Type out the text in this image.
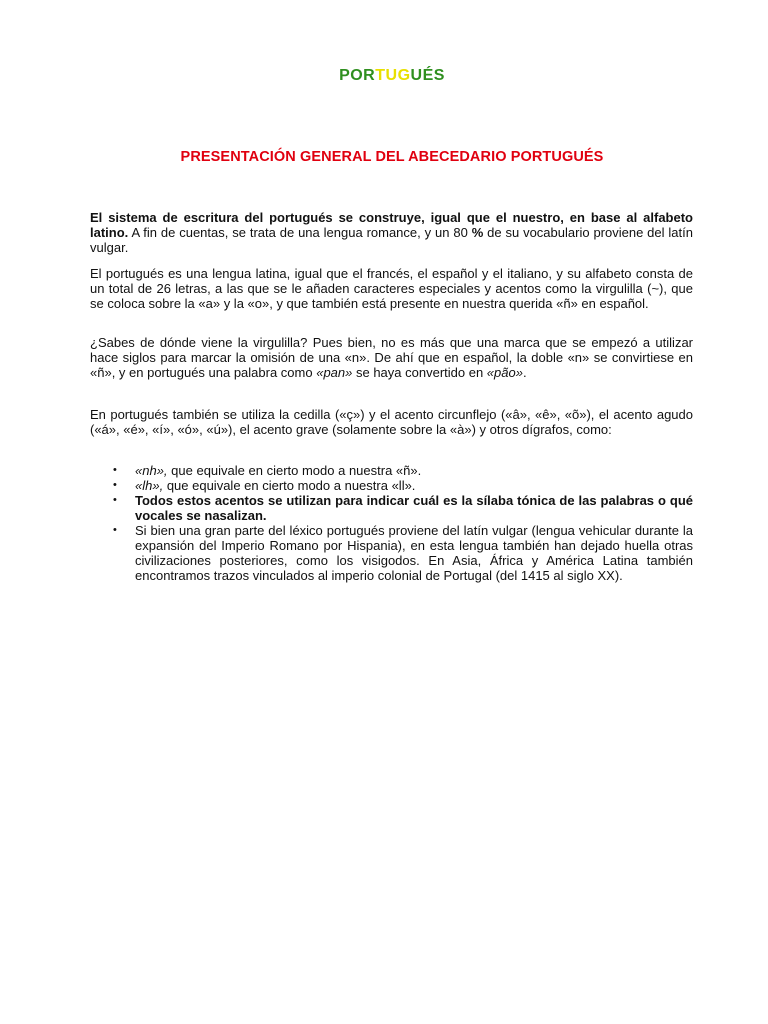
PORTUGUÉS
PRESENTACIÓN GENERAL DEL ABECEDARIO PORTUGUÉS

El sistema de escritura del portugués se construye, igual que el nuestro, en base al alfabeto latino. A fin de cuentas, se trata de una lengua romance, y un 80 % de su vocabulario proviene del latín vulgar.

El portugués es una lengua latina, igual que el francés, el español y el italiano, y su alfabeto consta de un total de 26 letras, a las que se le añaden caracteres especiales y acentos como la virgulilla (~), que se coloca sobre la «a» y la «o», y que también está presente en nuestra querida «ñ» en español.

¿Sabes de dónde viene la virgulilla? Pues bien, no es más que una marca que se empezó a utilizar hace siglos para marcar la omisión de una «n». De ahí que en español, la doble «n» se convirtiese en «ñ», y en portugués una palabra como «pan» se haya convertido en «pão».

En portugués también se utiliza la cedilla («ç») y el acento circunflejo («â», «ê», «õ»), el acento agudo («á», «é», «í», «ó», «ú»), el acento grave (solamente sobre la «à») y otros dígrafos, como:

• «nh», que equivale en cierto modo a nuestra «ñ».
• «lh», que equivale en cierto modo a nuestra «ll».
• Todos estos acentos se utilizan para indicar cuál es la sílaba tónica de las palabras o qué vocales se nasalizan.
• Si bien una gran parte del léxico portugués proviene del latín vulgar (lengua vehicular durante la expansión del Imperio Romano por Hispania), en esta lengua también han dejado huella otras civilizaciones posteriores, como los visigodos. En Asia, África y América Latina también encontramos trazos vinculados al imperio colonial de Portugal (del 1415 al siglo XX).
